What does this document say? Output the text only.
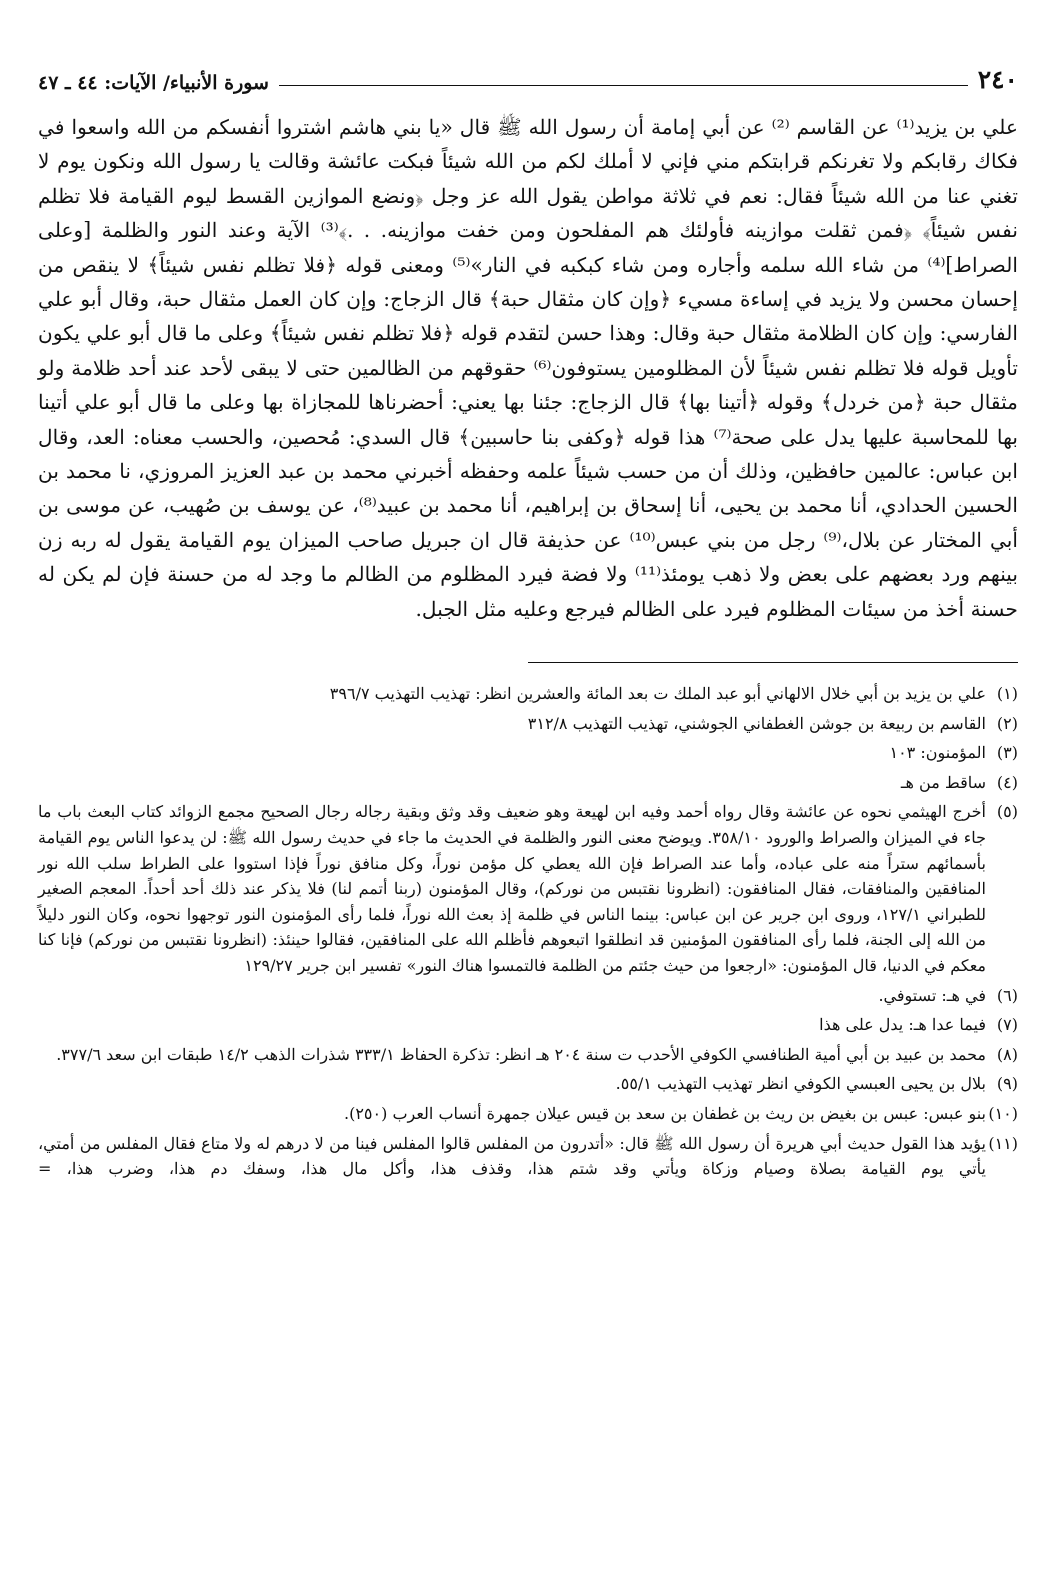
٢٤٠
سورة الأنبياء/ الآيات: ٤٤ ـ ٤٧

علي بن يزيد⁽¹⁾ عن القاسم ⁽²⁾ عن أبي إمامة أن رسول الله ﷺ قال «يا بني هاشم اشتروا أنفسكم من الله واسعوا في فكاك رقابكم ولا تغرنكم قرابتكم مني فإني لا أملك لكم من الله شيئاً فبكت عائشة وقالت يا رسول الله ونكون يوم لا تغني عنا من الله شيئاً فقال: نعم في ثلاثة مواطن يقول الله عز وجل ﴿ونضع الموازين القسط ليوم القيامة فلا تظلم نفس شيئاً﴾ ﴿فمن ثقلت موازينه فأولئك هم المفلحون ومن خفت موازينه. . .﴾⁽³⁾ الآية وعند النور والظلمة [وعلى الصراط]⁽⁴⁾ من شاء الله سلمه وأجاره ومن شاء كبكبه في النار»⁽⁵⁾ ومعنى قوله ﴿فلا تظلم نفس شيئاً﴾ لا ينقص من إحسان محسن ولا يزيد في إساءة مسيء ﴿وإن كان مثقال حبة﴾ قال الزجاج: وإن كان العمل مثقال حبة، وقال أبو علي الفارسي: وإن كان الظلامة مثقال حبة وقال: وهذا حسن لتقدم قوله ﴿فلا تظلم نفس شيئاً﴾ وعلى ما قال أبو علي يكون تأويل قوله فلا تظلم نفس شيئاً لأن المظلومين يستوفون⁽⁶⁾ حقوقهم من الظالمين حتى لا يبقى لأحد عند أحد ظلامة ولو مثقال حبة ﴿من خردل﴾ وقوله ﴿أتينا بها﴾ قال الزجاج: جئنا بها يعني: أحضرناها للمجازاة بها وعلى ما قال أبو علي أتينا بها للمحاسبة عليها يدل على صحة⁽⁷⁾ هذا قوله ﴿وكفى بنا حاسبين﴾ قال السدي: مُحصين، والحسب معناه: العد، وقال ابن عباس: عالمين حافظين، وذلك أن من حسب شيئاً علمه وحفظه أخبرني محمد بن عبد العزيز المروزي، نا محمد بن الحسين الحدادي، أنا محمد بن يحيى، أنا إسحاق بن إبراهيم، أنا محمد بن عبيد⁽⁸⁾، عن يوسف بن صُهيب، عن موسى بن أبي المختار عن بلال،⁽⁹⁾ رجل من بني عبس⁽¹⁰⁾ عن حذيفة قال ان جبريل صاحب الميزان يوم القيامة يقول له ربه زن بينهم ورد بعضهم على بعض ولا ذهب يومئذ⁽¹¹⁾ ولا فضة فيرد المظلوم من الظالم ما وجد له من حسنة فإن لم يكن له حسنة أخذ من سيئات المظلوم فيرد على الظالم فيرجع وعليه مثل الجبل.

(١)
علي بن يزيد بن أبي خلال الالهاني أبو عبد الملك ت بعد المائة والعشرين انظر: تهذيب التهذيب ٣٩٦/٧
(٢)
القاسم بن ربيعة بن جوشن الغطفاني الجوشني، تهذيب التهذيب ٣١٢/٨
(٣)
المؤمنون: ١٠٣
(٤)
ساقط من هـ
(٥)
أخرج الهيثمي نحوه عن عائشة وقال رواه أحمد وفيه ابن لهيعة وهو ضعيف وقد وثق وبقية رجاله رجال الصحيح مجمع الزوائد كتاب البعث باب ما جاء في الميزان والصراط والورود ٣٥٨/١٠. ويوضح معنى النور والظلمة في الحديث ما جاء في حديث رسول الله ﷺ: لن يدعوا الناس يوم القيامة بأسمائهم ستراً منه على عباده، وأما عند الصراط فإن الله يعطي كل مؤمن نوراً، وكل منافق نوراً فإذا استووا على الطراط سلب الله نور المنافقين والمنافقات، فقال المنافقون: (انظرونا نقتبس من نوركم)، وقال المؤمنون (ربنا أتمم لنا) فلا يذكر عند ذلك أحد أحداً. المعجم الصغير للطبراني ١٢٧/١، وروى ابن جرير عن ابن عباس: بينما الناس في ظلمة إذ بعث الله نوراً، فلما رأى المؤمنون النور توجهوا نحوه، وكان النور دليلاً من الله إلى الجنة، فلما رأى المنافقون المؤمنين قد انطلقوا اتبعوهم فأظلم الله على المنافقين، فقالوا حينئذ: (انظرونا نقتبس من نوركم) فإنا كنا معكم في الدنيا، قال المؤمنون: «ارجعوا من حيث جئتم من الظلمة فالتمسوا هناك النور» تفسير ابن جرير ١٢٩/٢٧
(٦)
في هـ: تستوفي.
(٧)
فيما عدا هـ: يدل على هذا
(٨)
محمد بن عبيد بن أبي أمية الطنافسي الكوفي الأحدب ت سنة ٢٠٤ هـ انظر: تذكرة الحفاظ ٣٣٣/١ شذرات الذهب ١٤/٢ طبقات ابن سعد ٣٧٧/٦.
(٩)
بلال بن يحيى العبسي الكوفي انظر تهذيب التهذيب ٥٥/١.
(١٠)
بنو عبس: عبس بن بغيض بن ريث بن غطفان بن سعد بن قيس عيلان جمهرة أنساب العرب (٢٥٠).
(١١)
يؤيد هذا القول حديث أبي هريرة أن رسول الله ﷺ قال: «أتدرون من المفلس قالوا المفلس فينا من لا درهم له ولا متاع فقال المفلس من أمتي، يأتي يوم القيامة بصلاة وصيام وزكاة ويأتي وقد شتم هذا، وقذف هذا، وأكل مال هذا، وسفك دم هذا، وضرب هذا، =
